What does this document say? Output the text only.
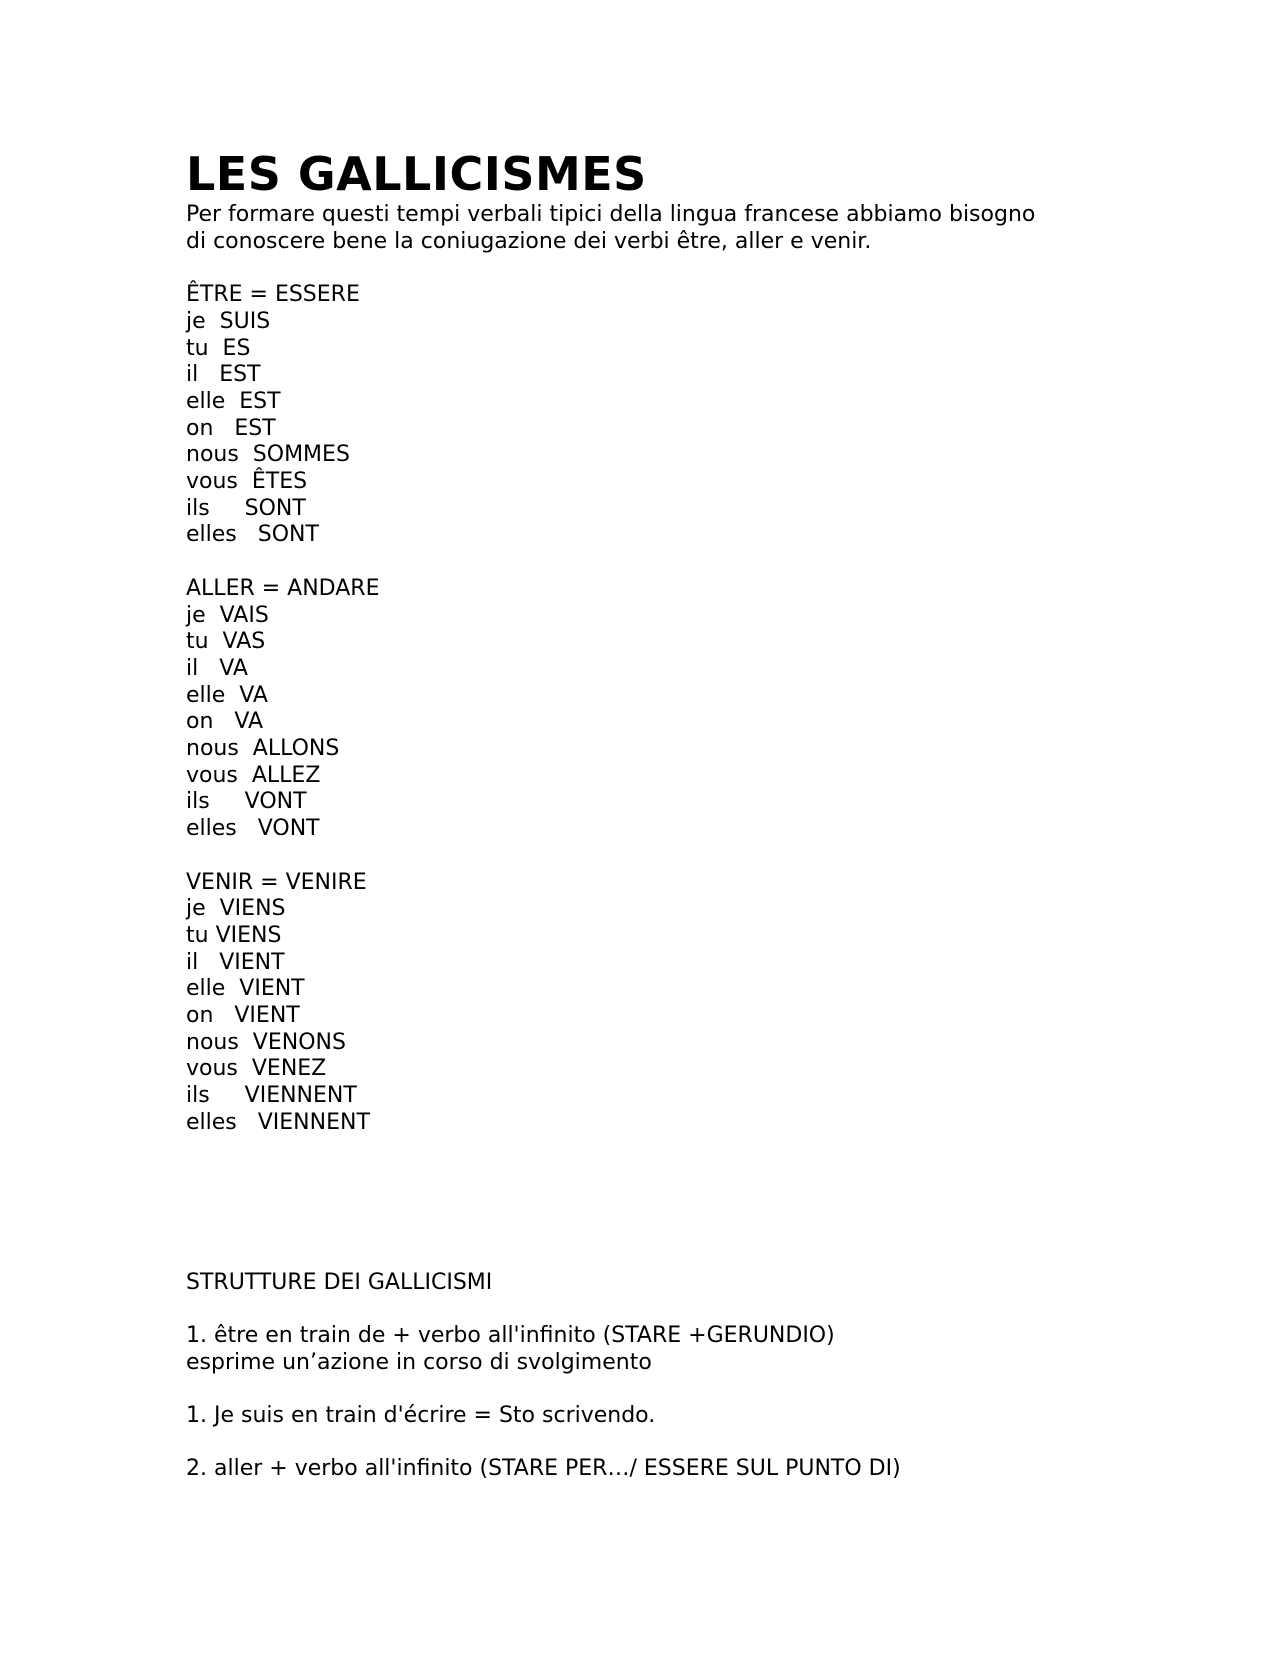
LES GALLICISMES

Per formare questi tempi verbali tipici della lingua francese abbiamo bisogno

di conoscere bene la coniugazione dei verbi être, aller e venir.

ÊTRE = ESSERE

je  SUIS

tu  ES

il   EST

elle  EST

on   EST

nous  SOMMES

vous  ÊTES

ils     SONT

elles   SONT

ALLER = ANDARE

je  VAIS

tu  VAS

il   VA

elle  VA

on   VA

nous  ALLONS

vous  ALLEZ

ils     VONT

elles   VONT

VENIR = VENIRE

je  VIENS

tu VIENS

il   VIENT

elle  VIENT

on   VIENT

nous  VENONS

vous  VENEZ

ils     VIENNENT

elles   VIENNENT

STRUTTURE DEI GALLICISMI

1. être en train de + verbo all'infinito (STARE +GERUNDIO)

esprime un’azione in corso di svolgimento

1. Je suis en train d'écrire = Sto scrivendo.

2. aller + verbo all'infinito (STARE PER…/ ESSERE SUL PUNTO DI)
